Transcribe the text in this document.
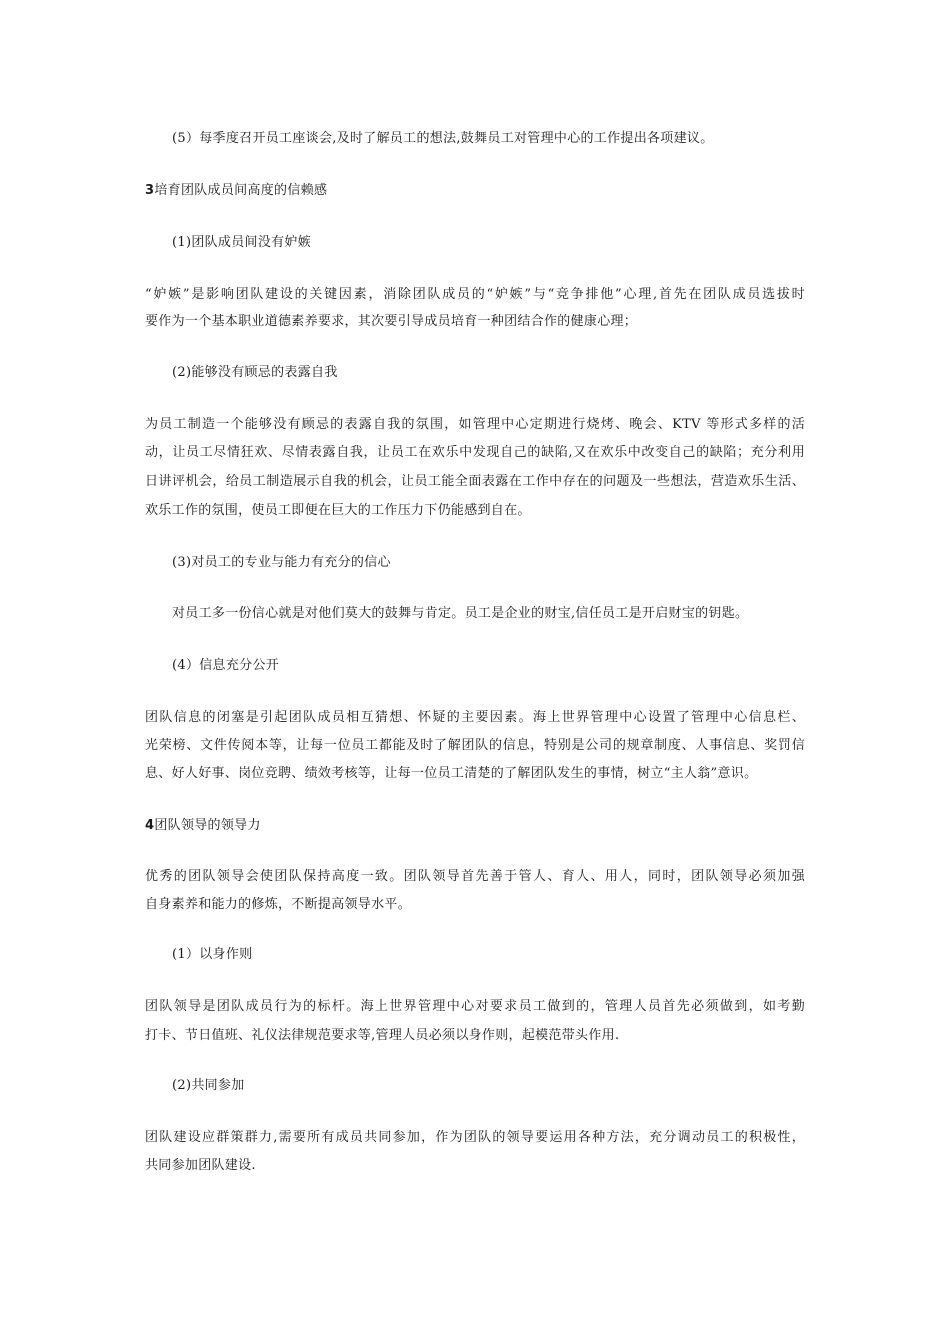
(5）每季度召开员工座谈会,及时了解员工的想法,鼓舞员工对管理中心的工作提出各项建议。
3培育团队成员间高度的信赖感
(1)团队成员间没有妒嫉
“妒嫉”是影响团队建设的关键因素，消除团队成员的“妒嫉”与“竞争排他”心理,首先在团队成员选拔时
要作为一个基本职业道德素养要求，其次要引导成员培育一种团结合作的健康心理；
(2)能够没有顾忌的表露自我
为员工制造一个能够没有顾忌的表露自我的氛围，如管理中心定期进行烧烤、晚会、KTV 等形式多样的活
动，让员工尽情狂欢、尽情表露自我，让员工在欢乐中发现自己的缺陷,又在欢乐中改变自己的缺陷；充分利用
日讲评机会，给员工制造展示自我的机会，让员工能全面表露在工作中存在的问题及一些想法，营造欢乐生活、
欢乐工作的氛围，使员工即便在巨大的工作压力下仍能感到自在。
(3)对员工的专业与能力有充分的信心
对员工多一份信心就是对他们莫大的鼓舞与肯定。员工是企业的财宝,信任员工是开启财宝的钥匙。
(4）信息充分公开
团队信息的闭塞是引起团队成员相互猜想、怀疑的主要因素。海上世界管理中心设置了管理中心信息栏、
光荣榜、文件传阅本等，让每一位员工都能及时了解团队的信息，特别是公司的规章制度、人事信息、奖罚信
息、好人好事、岗位竞聘、绩效考核等，让每一位员工清楚的了解团队发生的事情，树立“主人翁”意识。
4团队领导的领导力
优秀的团队领导会使团队保持高度一致。团队领导首先善于管人、育人、用人，同时，团队领导必须加强
自身素养和能力的修炼，不断提高领导水平。
(1）以身作则
团队领导是团队成员行为的标杆。海上世界管理中心对要求员工做到的，管理人员首先必须做到，如考勤
打卡、节日值班、礼仪法律规范要求等,管理人员必须以身作则，起模范带头作用.
(2)共同参加
团队建设应群策群力,需要所有成员共同参加，作为团队的领导要运用各种方法，充分调动员工的积极性，
共同参加团队建设.
